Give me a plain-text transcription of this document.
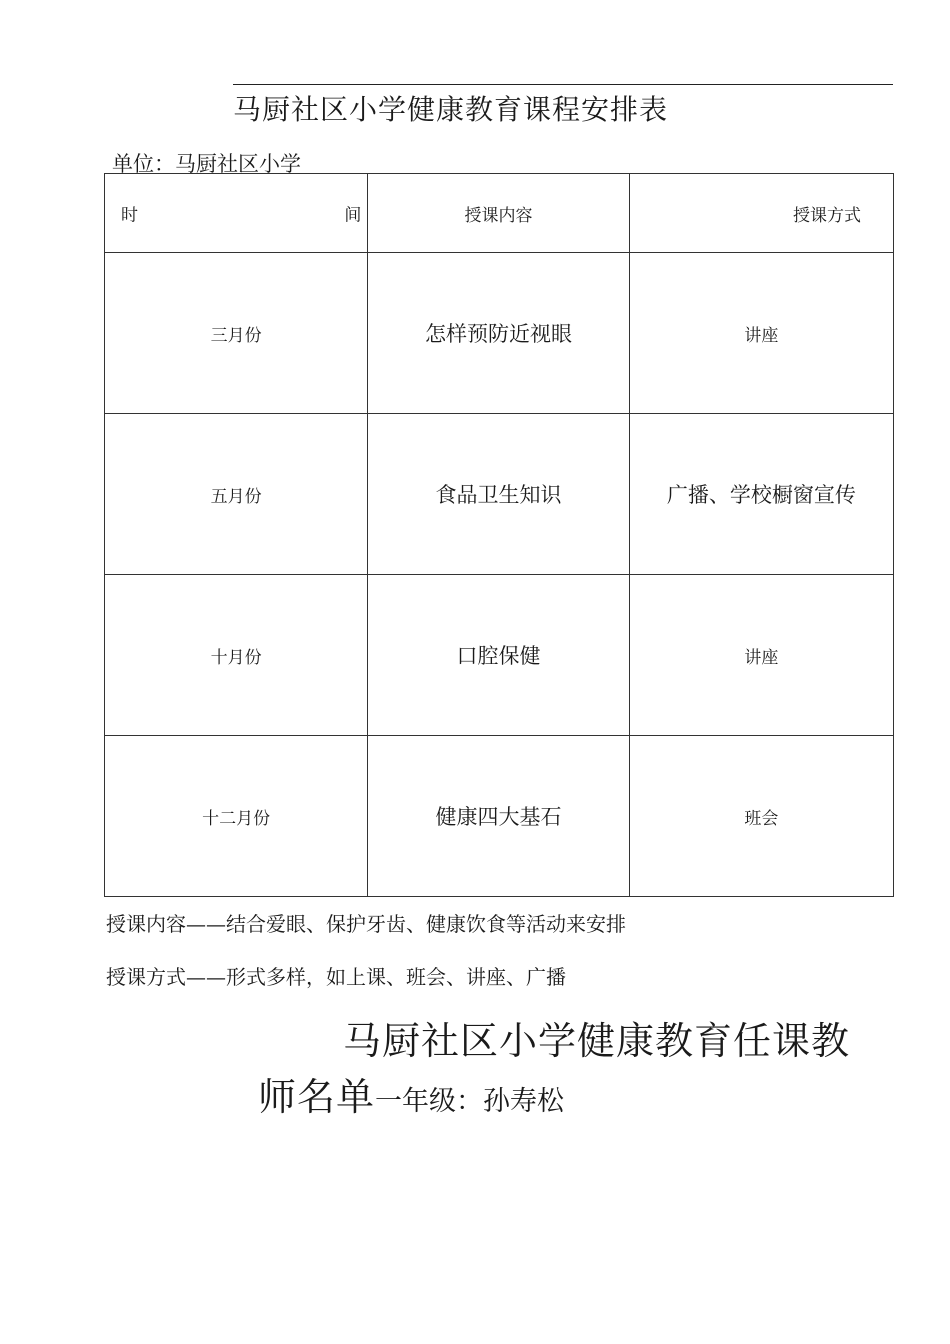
马厨社区小学健康教育课程安排表
单位：马厨社区小学
时 间	授课内容	授课方式
三月份	怎样预防近视眼	讲座
五月份	食品卫生知识	广播、学校橱窗宣传
十月份	口腔保健	讲座
十二月份	健康四大基石	班会
授课内容——结合爱眼、保护牙齿、健康饮食等活动来安排
授课方式——形式多样，如上课、班会、讲座、广播
马厨社区小学健康教育任课教
师名单一年级：孙寿松
